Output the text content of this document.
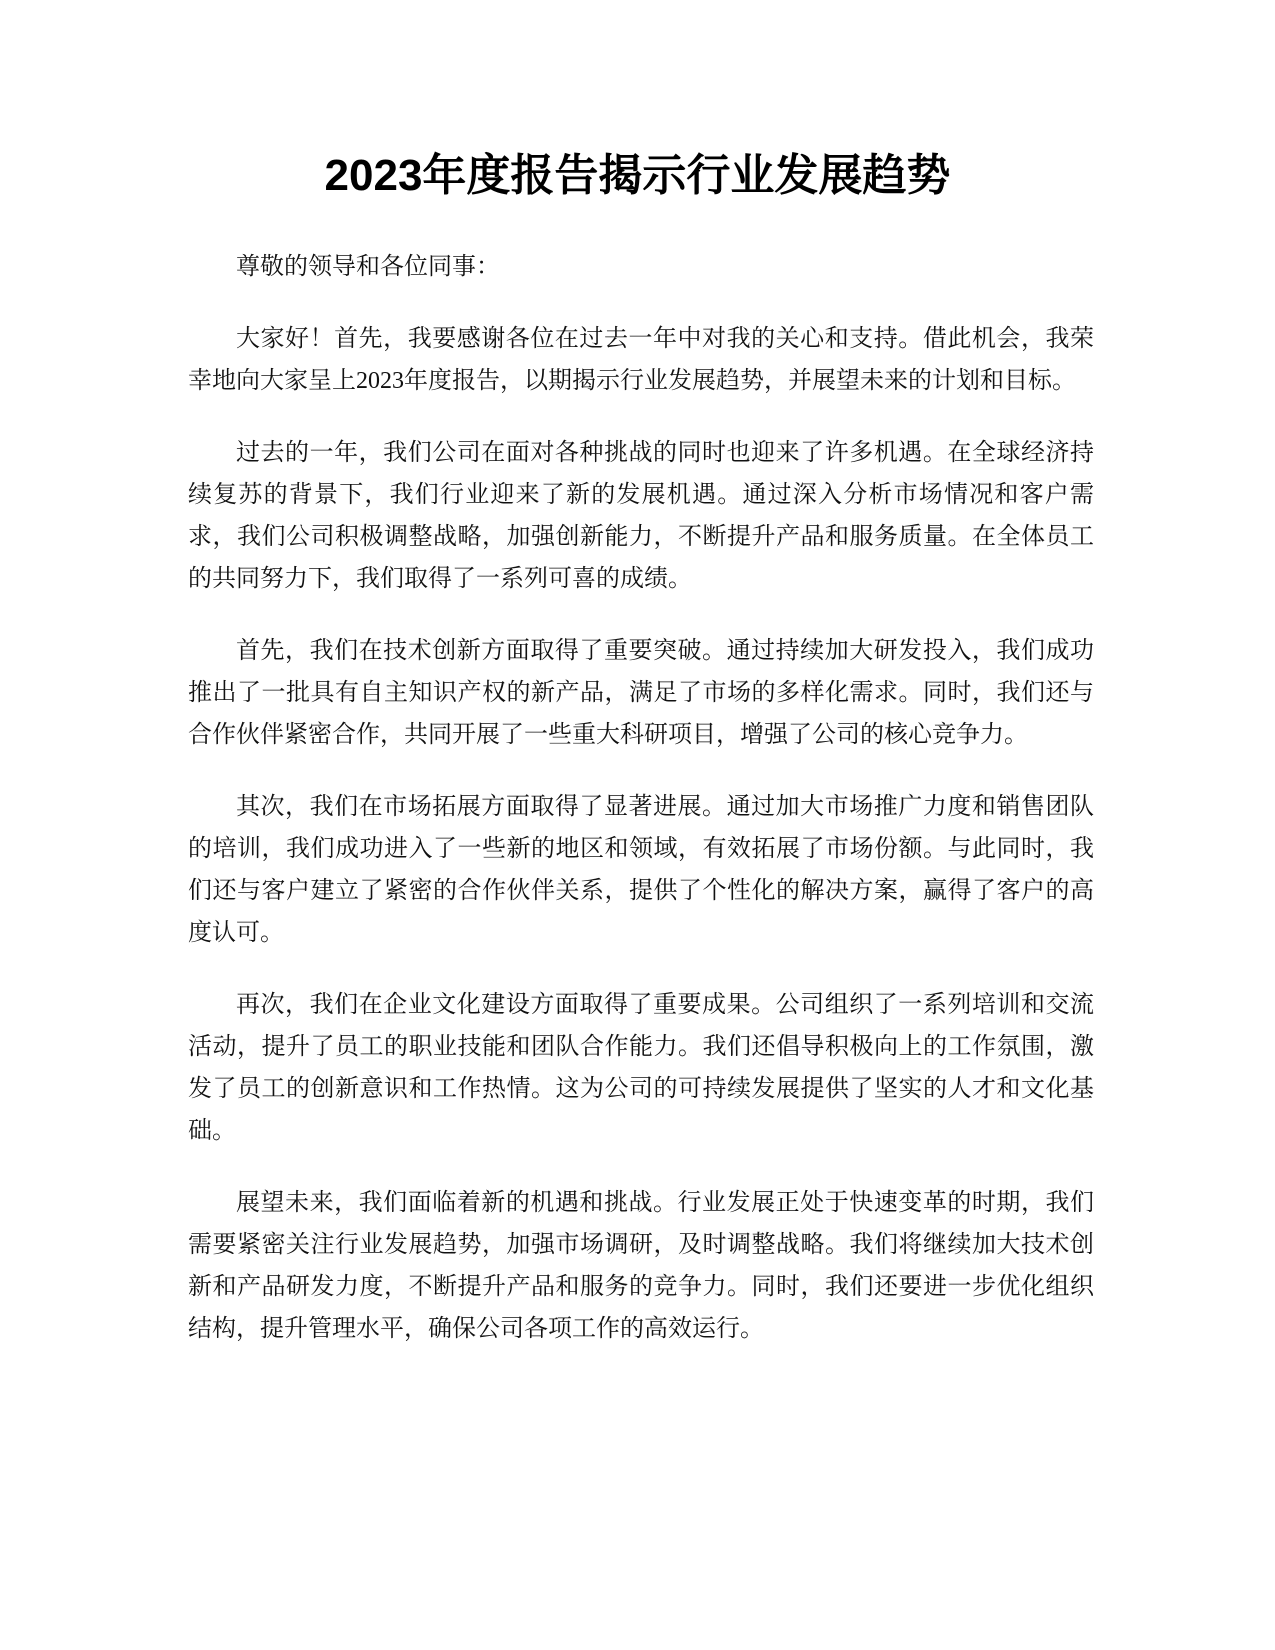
2023年度报告揭示行业发展趋势

尊敬的领导和各位同事：

大家好！首先，我要感谢各位在过去一年中对我的关心和支持。借此机会，我荣幸地向大家呈上2023年度报告，以期揭示行业发展趋势，并展望未来的计划和目标。

过去的一年，我们公司在面对各种挑战的同时也迎来了许多机遇。在全球经济持续复苏的背景下，我们行业迎来了新的发展机遇。通过深入分析市场情况和客户需求，我们公司积极调整战略，加强创新能力，不断提升产品和服务质量。在全体员工的共同努力下，我们取得了一系列可喜的成绩。

首先，我们在技术创新方面取得了重要突破。通过持续加大研发投入，我们成功推出了一批具有自主知识产权的新产品，满足了市场的多样化需求。同时，我们还与合作伙伴紧密合作，共同开展了一些重大科研项目，增强了公司的核心竞争力。

其次，我们在市场拓展方面取得了显著进展。通过加大市场推广力度和销售团队的培训，我们成功进入了一些新的地区和领域，有效拓展了市场份额。与此同时，我们还与客户建立了紧密的合作伙伴关系，提供了个性化的解决方案，赢得了客户的高度认可。

再次，我们在企业文化建设方面取得了重要成果。公司组织了一系列培训和交流活动，提升了员工的职业技能和团队合作能力。我们还倡导积极向上的工作氛围，激发了员工的创新意识和工作热情。这为公司的可持续发展提供了坚实的人才和文化基础。

展望未来，我们面临着新的机遇和挑战。行业发展正处于快速变革的时期，我们需要紧密关注行业发展趋势，加强市场调研，及时调整战略。我们将继续加大技术创新和产品研发力度，不断提升产品和服务的竞争力。同时，我们还要进一步优化组织结构，提升管理水平，确保公司各项工作的高效运行。
